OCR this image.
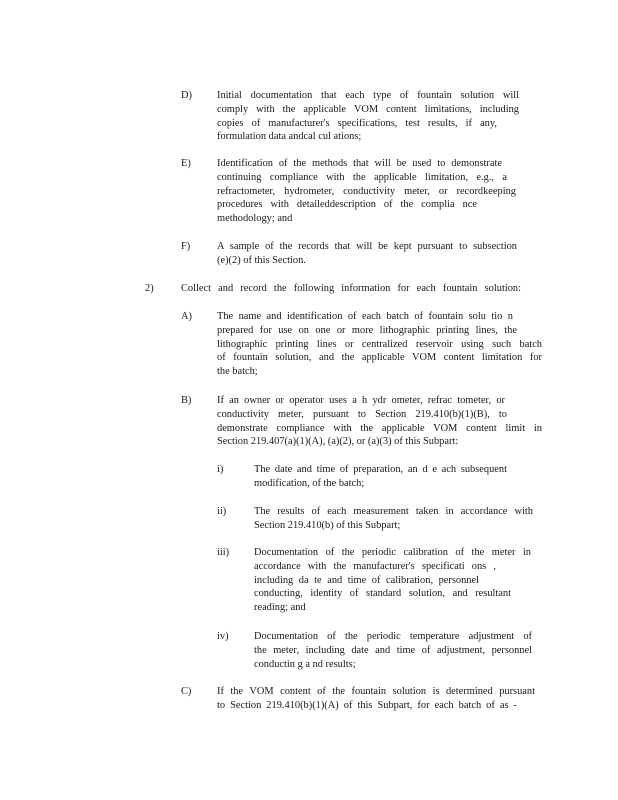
D) Initial documentation that each type of fountain solution will
comply with the applicable VOM content limitations, including
copies of manufacturer's specifications, test results, if any,
formulation data andcal cul ations;
E)	Identification of the methods that will be used to demonstrate
continuing compliance with the applicable limitation, e.g., a
refractometer, hydrometer, conductivity meter, or recordkeeping
procedures with detaileddescription of the complia nce
methodology; and
F)	A sample of the records that will be kept pursuant to subsection
(e)(2) of this Section.
2)	Collect and record the following information for each fountain solution:
A) The name and identification of each batch of fountain solu tio n
prepared for use on one or more lithographic printing lines, the
lithographic printing lines or centralized reservoir using such batch
of fountain solution, and the applicable VOM content limitation for
the batch;
B) If an owner or operator uses a h ydr ometer, refrac tometer, or
conductivity meter, pursuant to Section 219.410(b)(1)(B), to
demonstrate compliance with the applicable VOM content limit in
Section 219.407(a)(1)(A), (a)(2), or (a)(3) of this Subpart:
i)	The date and time of preparation, an d e ach subsequent
modification, of the batch;
ii)	The results of each measurement taken in accordance with
Section 219.410(b) of this Subpart;
iii) Documentation of the periodic calibration of the meter in
accordance with the manufacturer's specificati ons ,
including da te and time of calibration, personnel
conducting, identity of standard solution, and resultant
reading; and
iv) Documentation of the periodic temperature adjustment of
the meter, including date and time of adjustment, personnel
conductin g a nd results;
C) If the VOM content of the fountain solution is determined pursuant
to Section 219.410(b)(1)(A) of this Subpart, for each batch of as -
